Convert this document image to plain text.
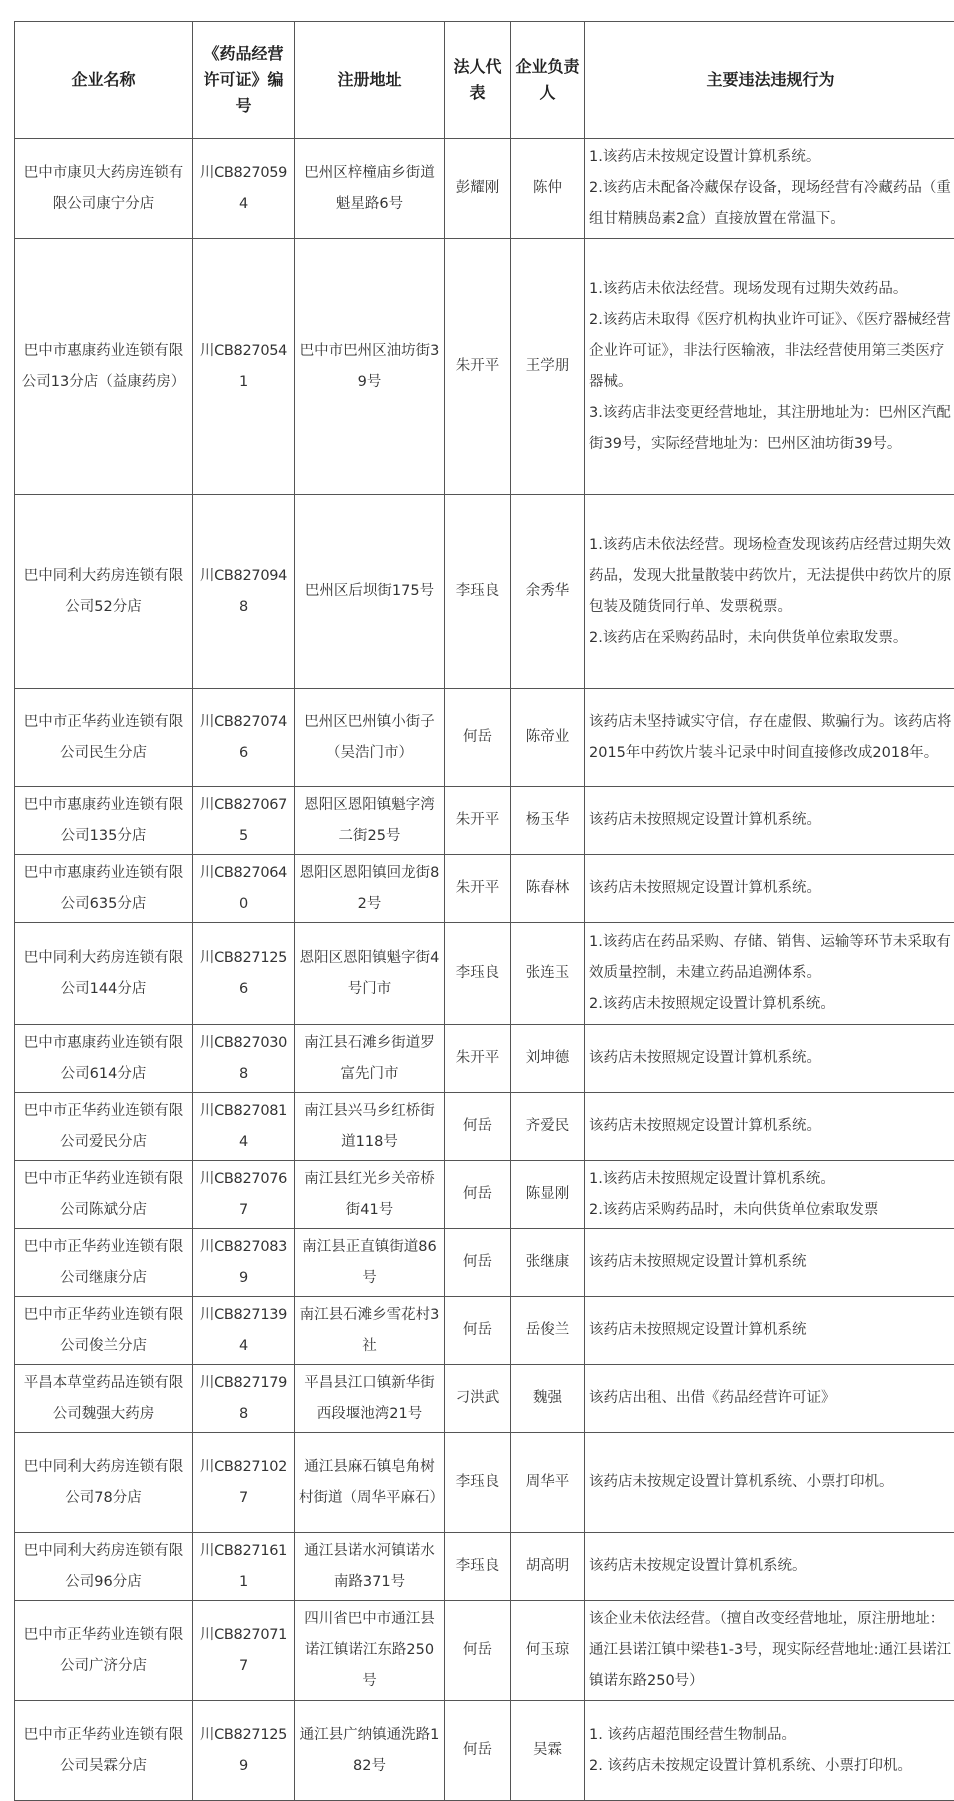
企业名称	《药品经营许可证》编号	注册地址	法人代表	企业负责人	主要违法违规行为
巴中市康贝大药房连锁有限公司康宁分店	川CB8270594	巴州区梓橦庙乡街道魁星路6号	彭耀刚	陈仲	1.该药店未按规定设置计算机系统。

2.该药店未配备冷藏保存设备，现场经营有冷藏药品（重组甘精胰岛素2盒）直接放置在常温下。

巴中市惠康药业连锁有限公司13分店（益康药房）	川CB8270541	巴中市巴州区油坊街39号	朱开平	王学朋	1.该药店未依法经营。现场发现有过期失效药品。

2.该药店未取得《医疗机构执业许可证》、《医疗器械经营企业许可证》，非法行医输液，非法经营使用第三类医疗器械。

3.该药店非法变更经营地址，其注册地址为：巴州区汽配街39号，实际经营地址为：巴州区油坊街39号。

巴中同利大药房连锁有限公司52分店	川CB8270948	巴州区后坝街175号	李珏良	余秀华	1.该药店未依法经营。现场检查发现该药店经营过期失效药品，发现大批量散装中药饮片，无法提供中药饮片的原包装及随货同行单、发票税票。

2.该药店在采购药品时，未向供货单位索取发票。

巴中市正华药业连锁有限公司民生分店	川CB8270746	巴州区巴州镇小街子（吴浩门市）	何岳	陈帝业	该药店未坚持诚实守信，存在虚假、欺骗行为。该药店将2015年中药饮片装斗记录中时间直接修改成2018年。

巴中市惠康药业连锁有限公司135分店	川CB8270675	恩阳区恩阳镇魁字湾二街25号	朱开平	杨玉华	该药店未按照规定设置计算机系统。

巴中市惠康药业连锁有限公司635分店	川CB8270640	恩阳区恩阳镇回龙街82号	朱开平	陈春林	该药店未按照规定设置计算机系统。

巴中同利大药房连锁有限公司144分店	川CB8271256	恩阳区恩阳镇魁字街4号门市	李珏良	张连玉	1.该药店在药品采购、存储、销售、运输等环节未采取有效质量控制，未建立药品追溯体系。

2.该药店未按照规定设置计算机系统。

巴中市惠康药业连锁有限公司614分店	川CB8270308	南江县石滩乡街道罗富先门市	朱开平	刘坤德	该药店未按照规定设置计算机系统。

巴中市正华药业连锁有限公司爱民分店	川CB8270814	南江县兴马乡红桥街道118号	何岳	齐爱民	该药店未按照规定设置计算机系统。

巴中市正华药业连锁有限公司陈斌分店	川CB8270767	南江县红光乡关帝桥街41号	何岳	陈显刚	1.该药店未按照规定设置计算机系统。

2.该药店采购药品时，未向供货单位索取发票

巴中市正华药业连锁有限公司继康分店	川CB8270839	南江县正直镇街道86号	何岳	张继康	该药店未按照规定设置计算机系统

巴中市正华药业连锁有限公司俊兰分店	川CB8271394	南江县石滩乡雪花村3社	何岳	岳俊兰	该药店未按照规定设置计算机系统

平昌本草堂药品连锁有限公司魏强大药房	川CB8271798	平昌县江口镇新华街西段堰池湾21号	刁洪武	魏强	该药店出租、出借《药品经营许可证》

巴中同利大药房连锁有限公司78分店	川CB8271027	通江县麻石镇皂角树村街道（周华平麻石）	李珏良	周华平	该药店未按规定设置计算机系统、小票打印机。

巴中同利大药房连锁有限公司96分店	川CB8271611	通江县诺水河镇诺水南路371号	李珏良	胡高明	该药店未按规定设置计算机系统。

巴中市正华药业连锁有限公司广济分店	川CB8270717	四川省巴中市通江县诺江镇诺江东路250号	何岳	何玉琼	该企业未依法经营。（擅自改变经营地址，原注册地址：通江县诺江镇中梁巷1-3号，现实际经营地址:通江县诺江镇诺东路250号）

巴中市正华药业连锁有限公司吴霖分店	川CB8271259	通江县广纳镇通洗路182号	何岳	吴霖	1. 该药店超范围经营生物制品。

2. 该药店未按规定设置计算机系统、小票打印机。
